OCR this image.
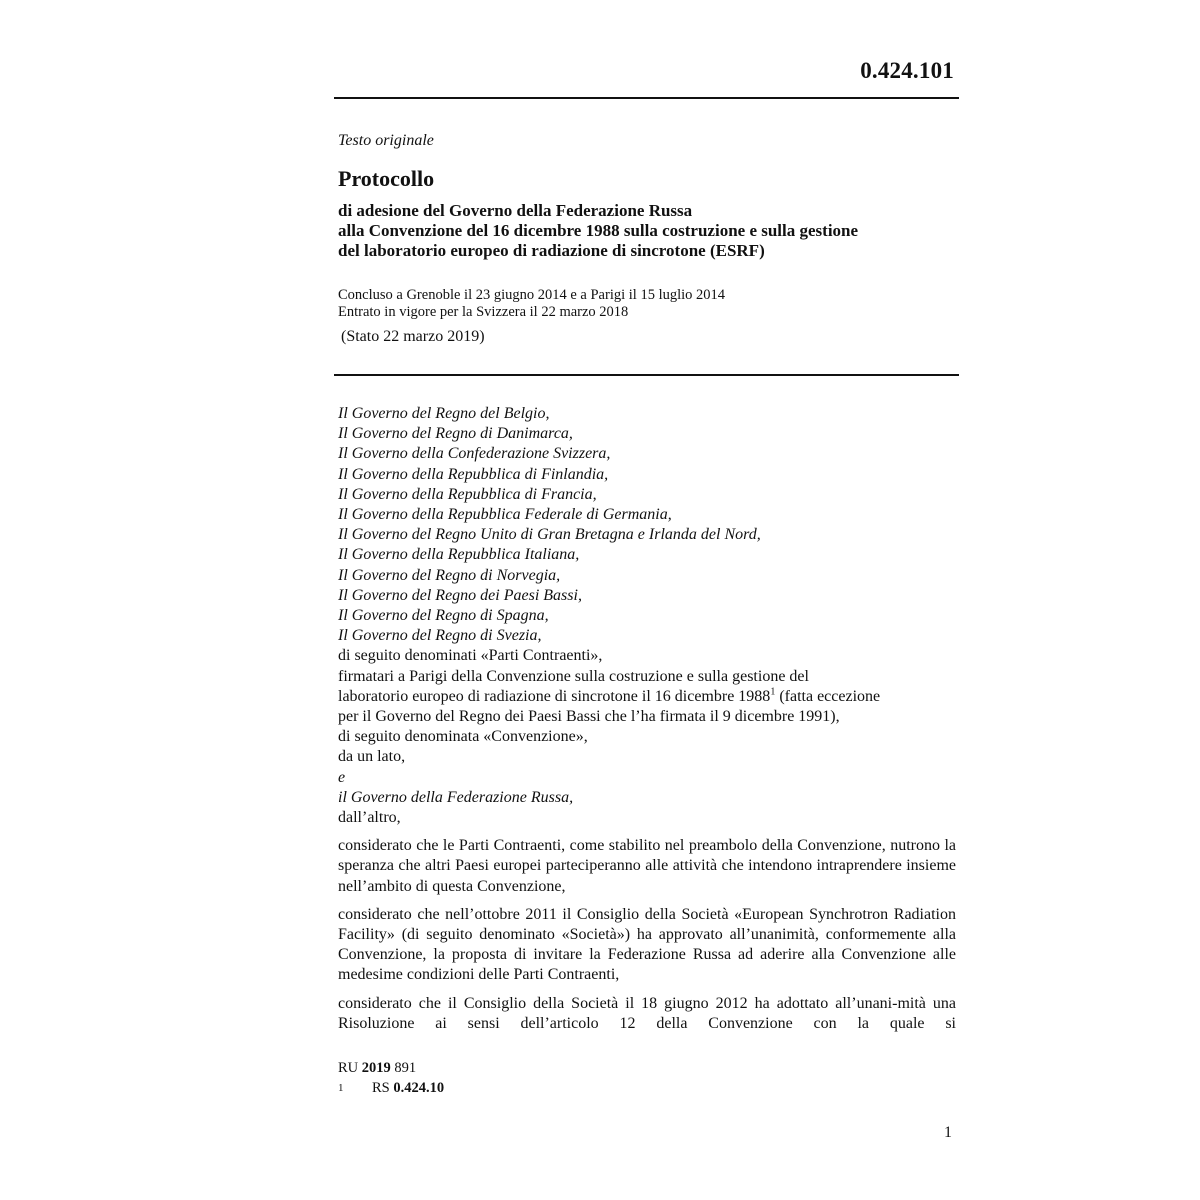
0.424.101
Testo originale
Protocollo
di adesione del Governo della Federazione Russa
alla Convenzione del 16 dicembre 1988 sulla costruzione e sulla gestione
del laboratorio europeo di radiazione di sincrotone (ESRF)
Concluso a Grenoble il 23 giugno 2014 e a Parigi il 15 luglio 2014
Entrato in vigore per la Svizzera il 22 marzo 2018
(Stato 22 marzo 2019)
Il Governo del Regno del Belgio,
Il Governo del Regno di Danimarca,
Il Governo della Confederazione Svizzera,
Il Governo della Repubblica di Finlandia,
Il Governo della Repubblica di Francia,
Il Governo della Repubblica Federale di Germania,
Il Governo del Regno Unito di Gran Bretagna e Irlanda del Nord,
Il Governo della Repubblica Italiana,
Il Governo del Regno di Norvegia,
Il Governo del Regno dei Paesi Bassi,
Il Governo del Regno di Spagna,
Il Governo del Regno di Svezia,
di seguito denominati «Parti Contraenti»,
firmatari a Parigi della Convenzione sulla costruzione e sulla gestione del
laboratorio europeo di radiazione di sincrotone il 16 dicembre 1988$^1$ (fatta eccezione
per il Governo del Regno dei Paesi Bassi che l’ha firmata il 9 dicembre 1991),
di seguito denominata «Convenzione»,
da un lato,
e
il Governo della Federazione Russa,
dall’altro,
considerato che le Parti Contraenti, come stabilito nel preambolo della Convenzione, nutrono la speranza che altri Paesi europei parteciperanno alle attività che intendono intraprendere insieme nell’ambito di questa Convenzione,
considerato che nell’ottobre 2011 il Consiglio della Società «European Synchrotron Radiation Facility» (di seguito denominato «Società») ha approvato all’unanimità, conformemente alla Convenzione, la proposta di invitare la Federazione Russa ad aderire alla Convenzione alle medesime condizioni delle Parti Contraenti,
considerato che il Consiglio della Società il 18 giugno 2012 ha adottato all’unani-mità una Risoluzione ai sensi dell’articolo 12 della Convenzione con la quale si
RU 2019 891
1	RS 0.424.10
1
